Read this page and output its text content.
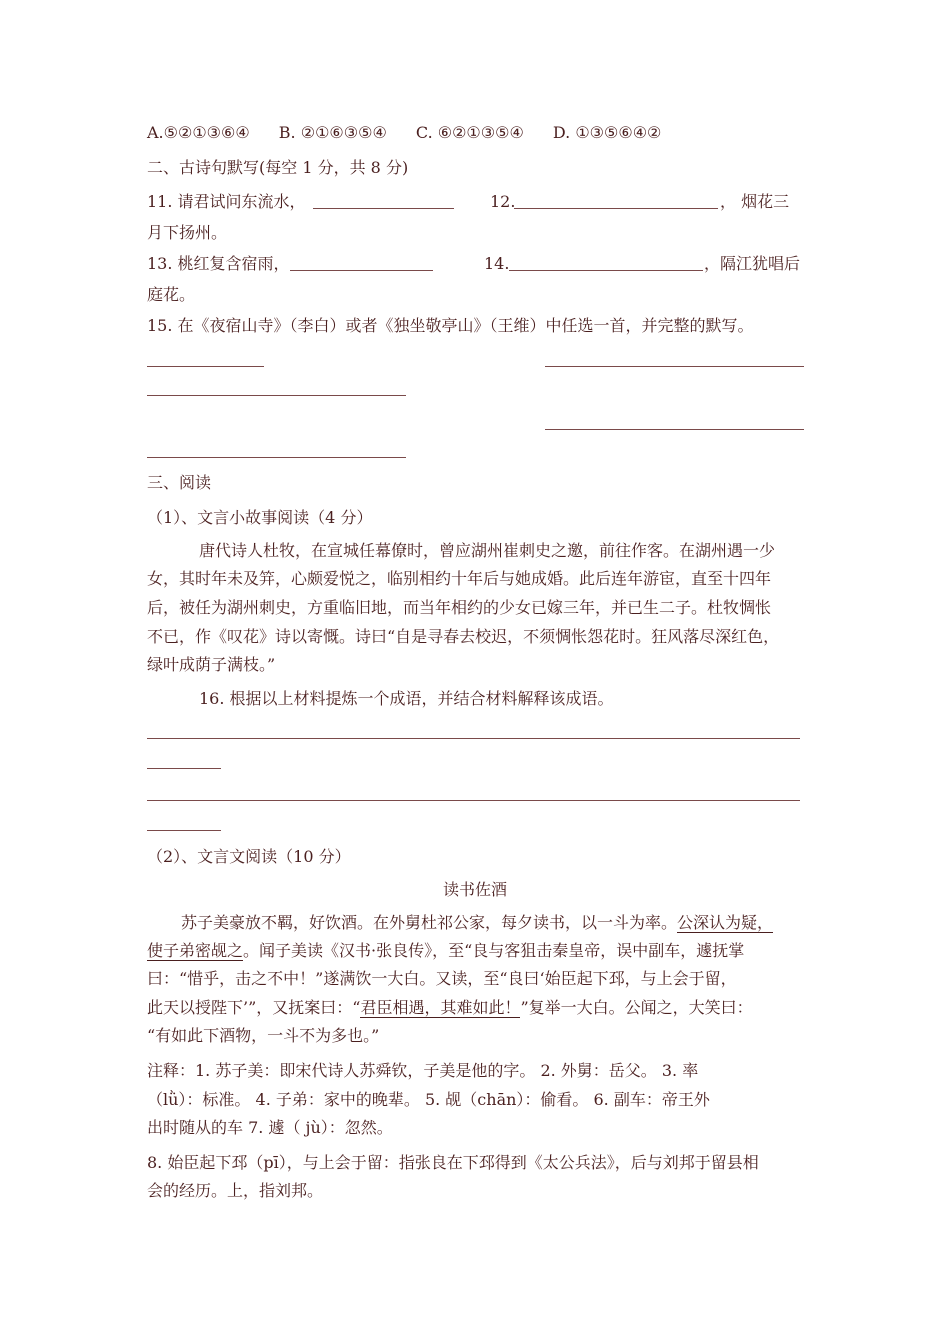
A.⑤②①③⑥④ B. ②①⑥③⑤④ C. ⑥②①③⑤④ D. ①③⑤⑥④②
二、古诗句默写(每空 1 分，共 8 分)
11. 请君试问东流水，	12.	， 烟花三
月下扬州。
13. 桃红复含宿雨，	14.	，隔江犹唱后
庭花。
15. 在《夜宿山寺》（李白）或者《独坐敬亭山》（王维）中任选一首，并完整的默写。
三、阅读
（1）、文言小故事阅读（4 分）
唐代诗人杜牧，在宣城任幕僚时，曾应湖州崔刺史之邀，前往作客。在湖州遇一少
女，其时年未及笄，心颇爱悦之，临别相约十年后与她成婚。此后连年游宦，直至十四年
后，被任为湖州刺史，方重临旧地，而当年相约的少女已嫁三年，并已生二子。杜牧惆怅
不已，作《叹花》诗以寄慨。诗曰“自是寻春去校迟，不须惆怅怨花时。狂风落尽深红色，
绿叶成荫子满枝。”
16. 根据以上材料提炼一个成语，并结合材料解释该成语。
（2）、文言文阅读（10 分）
读书佐酒
苏子美豪放不羁，好饮酒。在外舅杜祁公家，每夕读书，以一斗为率。公深认为疑，
使子弟密觇之。闻子美读《汉书·张良传》，至“良与客狙击秦皇帝，误中副车，遽抚掌
曰：“惜乎，击之不中！”遂满饮一大白。又读，至“良曰‘始臣起下邳，与上会于留，
此天以授陛下’”，又抚案曰：“君臣相遇，其难如此！”复举一大白。公闻之，大笑曰：
“有如此下酒物，一斗不为多也。”
注释：1. 苏子美：即宋代诗人苏舜钦，子美是他的字。 2. 外舅：岳父。 3. 率
（lǜ）：标准。 4. 子弟：家中的晚辈。 5. 觇（chān）：偷看。 6. 副车：帝王外
出时随从的车 7. 遽（ jù）：忽然。
8. 始臣起下邳（pī），与上会于留：指张良在下邳得到《太公兵法》，后与刘邦于留县相
会的经历。上，指刘邦。
